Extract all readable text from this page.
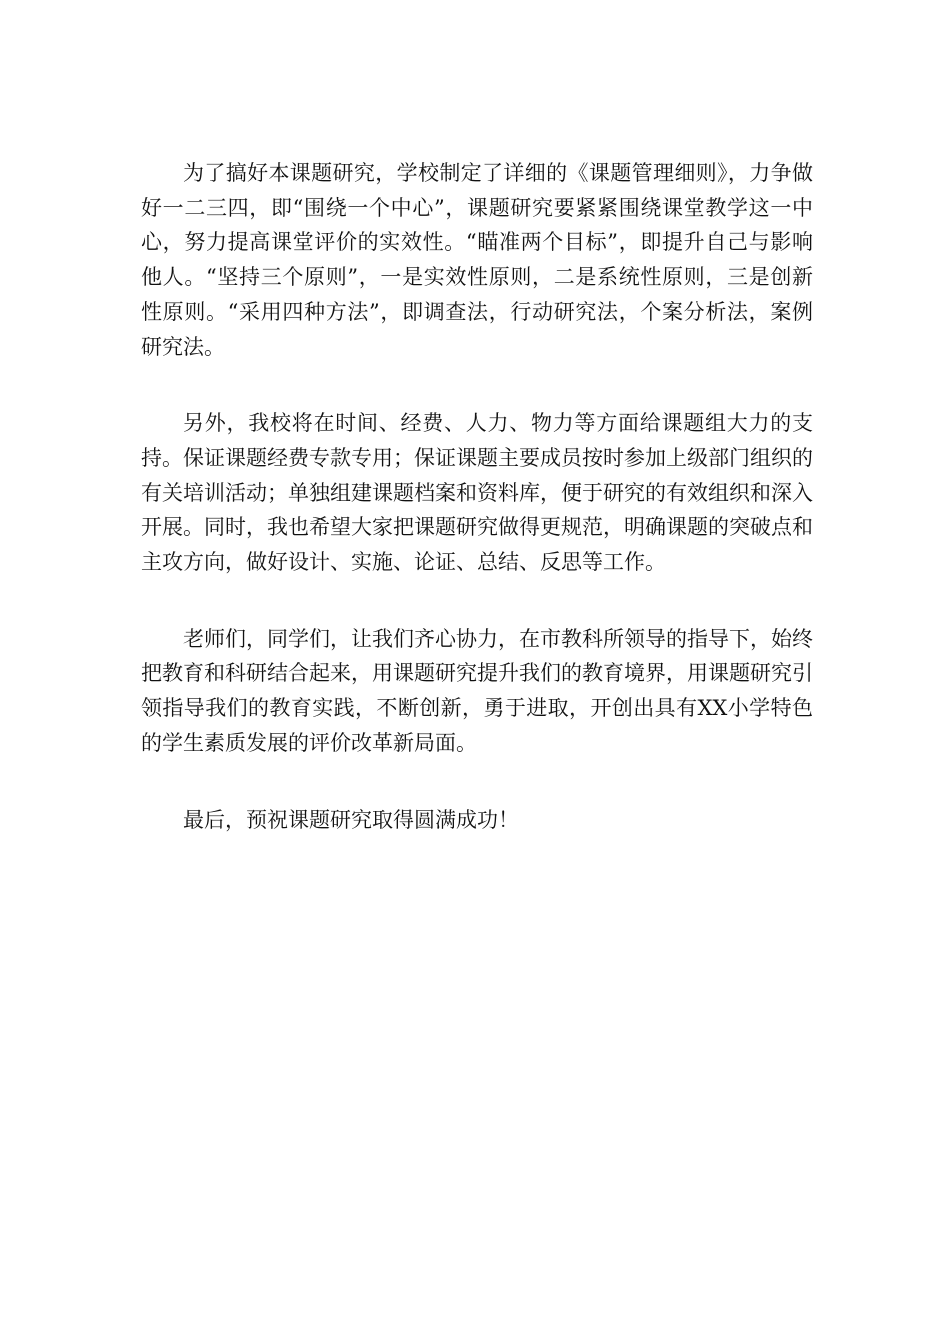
为了搞好本课题研究，学校制定了详细的《课题管理细则》，力争做好一二三四，即“围绕一个中心”，课题研究要紧紧围绕课堂教学这一中心，努力提高课堂评价的实效性。“瞄准两个目标”，即提升自己与影响他人。“坚持三个原则”，一是实效性原则，二是系统性原则，三是创新性原则。“采用四种方法”，即调查法，行动研究法，个案分析法，案例研究法。

另外，我校将在时间、经费、人力、物力等方面给课题组大力的支持。保证课题经费专款专用；保证课题主要成员按时参加上级部门组织的有关培训活动；单独组建课题档案和资料库，便于研究的有效组织和深入开展。同时，我也希望大家把课题研究做得更规范，明确课题的突破点和主攻方向，做好设计、实施、论证、总结、反思等工作。

老师们，同学们，让我们齐心协力，在市教科所领导的指导下，始终把教育和科研结合起来，用课题研究提升我们的教育境界，用课题研究引领指导我们的教育实践，不断创新，勇于进取，开创出具有XX小学特色的学生素质发展的评价改革新局面。

最后，预祝课题研究取得圆满成功！
